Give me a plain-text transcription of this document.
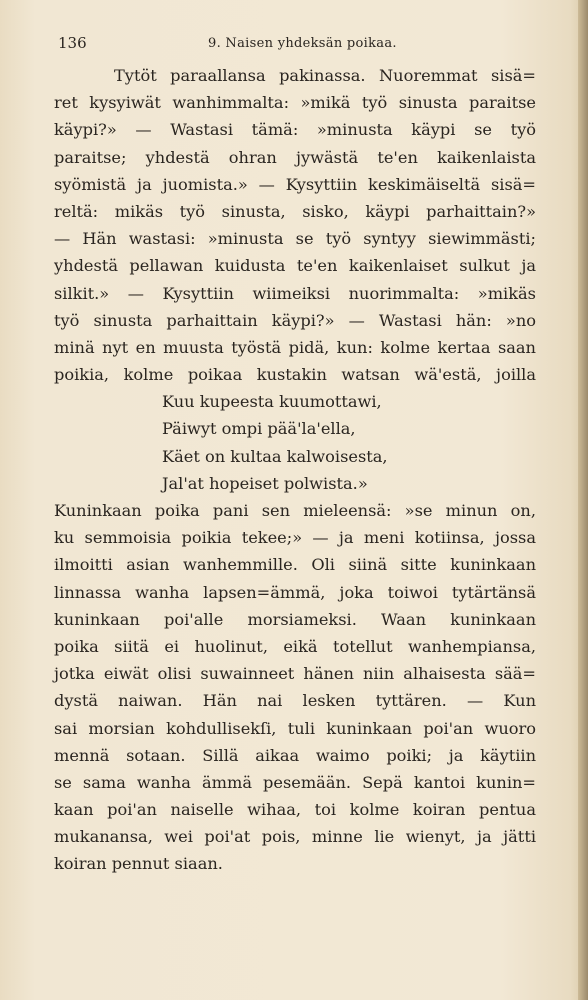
136	9. Naisen yhdeksän poikaa.
Tytöt paraallansa pakinassa. Nuoremmat sisä=
ret kysyiwät wanhimmalta: »mikä työ sinusta paraitse
käypi?» — Wastasi tämä: »minusta käypi se työ
paraitse; yhdestä ohran jywästä te'en kaikenlaista
syömistä ja juomista.» — Kysyttiin keskimäiseltä sisä=
reltä: mikäs työ sinusta, sisko, käypi parhaittain?»
— Hän wastasi: »minusta se työ syntyy siewimmästi;
yhdestä pellawan kuidusta te'en kaikenlaiset sulkut ja
silkit.» — Kysyttiin wiimeiksi nuorimmalta: »mikäs
työ sinusta parhaittain käypi?» — Wastasi hän: »no
minä nyt en muusta työstä pidä, kun: kolme kertaa saan
poikia, kolme poikaa kustakin watsan wä'estä, joilla
Kuu kupeesta kuumottawi,
Päiwyt ompi pää'la'ella,
Käet on kultaa kalwoisesta,
Jal'at hopeiset polwista.»
Kuninkaan poika pani sen mieleensä: »se minun on,
ku semmoisia poikia tekee;» — ja meni kotiinsa, jossa
ilmoitti asian wanhemmille. Oli siinä sitte kuninkaan
linnassa wanha lapsen=ämmä, joka toiwoi tytärtänsä
kuninkaan poi'alle morsiameksi. Waan kuninkaan
poika siitä ei huolinut, eikä totellut wanhempiansa,
jotka eiwät olisi suwainneet hänen niin alhaisesta sää=
dystä naiwan. Hän nai lesken tyttären. — Kun
sai morsian kohdullisekſi, tuli kuninkaan poi'an wuoro
mennä sotaan. Sillä aikaa waimo poiki; ja käytiin
se sama wanha ämmä pesemään. Sepä kantoi kunin=
kaan poi'an naiselle wihaa, toi kolme koiran pentua
mukanansa, wei poi'at pois, minne lie wienyt, ja jätti
koiran pennut siaan.
